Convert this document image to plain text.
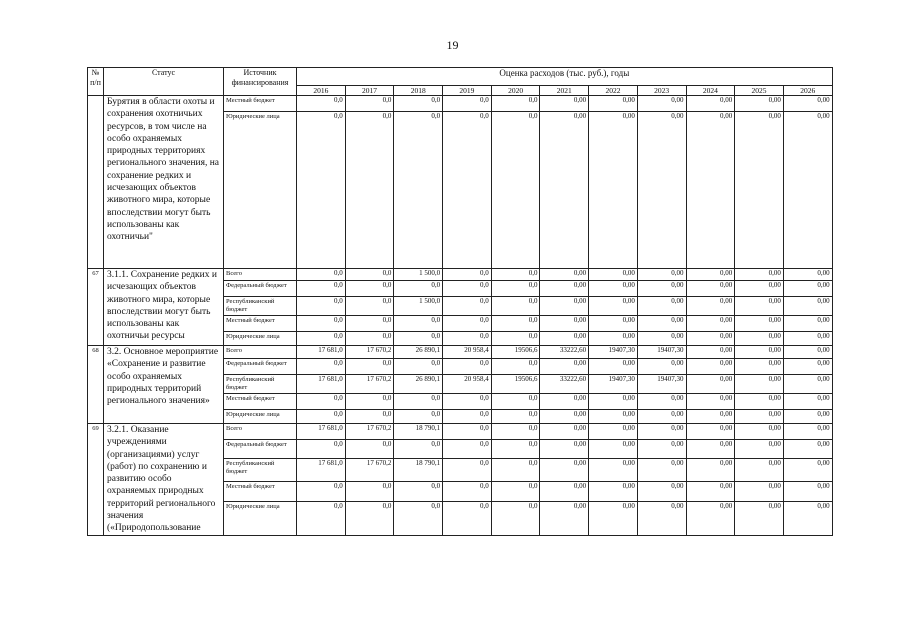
19
№ п/п	Статус	Источник финансирования	Оценка расходов (тыс. руб.), годы										
			2016	2017	2018	2019	2020	2021	2022	2023	2024	2025	2026
	Бурятия в области охоты и сохранения охотничьих ресурсов, в том числе на особо охраняемых природных территориях регионального значения, на сохранение редких и исчезающих объектов животного мира, которые впоследствии могут быть использованы как охотничьи"	Местный бюджет	0,0	0,0	0,0	0,0	0,0	0,00	0,00	0,00	0,00	0,00	0,00
		Юридические лица	0,0	0,0	0,0	0,0	0,0	0,00	0,00	0,00	0,00	0,00	0,00
67	3.1.1. Сохранение редких и исчезающих объектов животного мира, которые впоследствии могут быть использованы как охотничьи ресурсы	Всего	0,0	0,0	1 500,0	0,0	0,0	0,00	0,00	0,00	0,00	0,00	0,00
		Федеральный бюджет	0,0	0,0	0,0	0,0	0,0	0,00	0,00	0,00	0,00	0,00	0,00
		Республиканский бюджет	0,0	0,0	1 500,0	0,0	0,0	0,00	0,00	0,00	0,00	0,00	0,00
		Местный бюджет	0,0	0,0	0,0	0,0	0,0	0,00	0,00	0,00	0,00	0,00	0,00
		Юридические лица	0,0	0,0	0,0	0,0	0,0	0,00	0,00	0,00	0,00	0,00	0,00
68	3.2. Основное мероприятие «Сохранение и развитие особо охраняемых природных территорий регионального значения»	Всего	17 681,0	17 670,2	26 890,1	20 958,4	19506,6	33222,60	19407,30	19407,30	0,00	0,00	0,00
		Федеральный бюджет	0,0	0,0	0,0	0,0	0,0	0,00	0,00	0,00	0,00	0,00	0,00
		Республиканский бюджет	17 681,0	17 670,2	26 890,1	20 958,4	19506,6	33222,60	19407,30	19407,30	0,00	0,00	0,00
		Местный бюджет	0,0	0,0	0,0	0,0	0,0	0,00	0,00	0,00	0,00	0,00	0,00
		Юридические лица	0,0	0,0	0,0	0,0	0,0	0,00	0,00	0,00	0,00	0,00	0,00
69	3.2.1. Оказание учреждениями (организациями) услуг (работ) по сохранению и развитию особо охраняемых природных территорий регионального значения («Природопользование	Всего	17 681,0	17 670,2	18 790,1	0,0	0,0	0,00	0,00	0,00	0,00	0,00	0,00
		Федеральный бюджет	0,0	0,0	0,0	0,0	0,0	0,00	0,00	0,00	0,00	0,00	0,00
		Республиканский бюджет	17 681,0	17 670,2	18 790,1	0,0	0,0	0,00	0,00	0,00	0,00	0,00	0,00
		Местный бюджет	0,0	0,0	0,0	0,0	0,0	0,00	0,00	0,00	0,00	0,00	0,00
		Юридические лица	0,0	0,0	0,0	0,0	0,0	0,00	0,00	0,00	0,00	0,00	0,00
